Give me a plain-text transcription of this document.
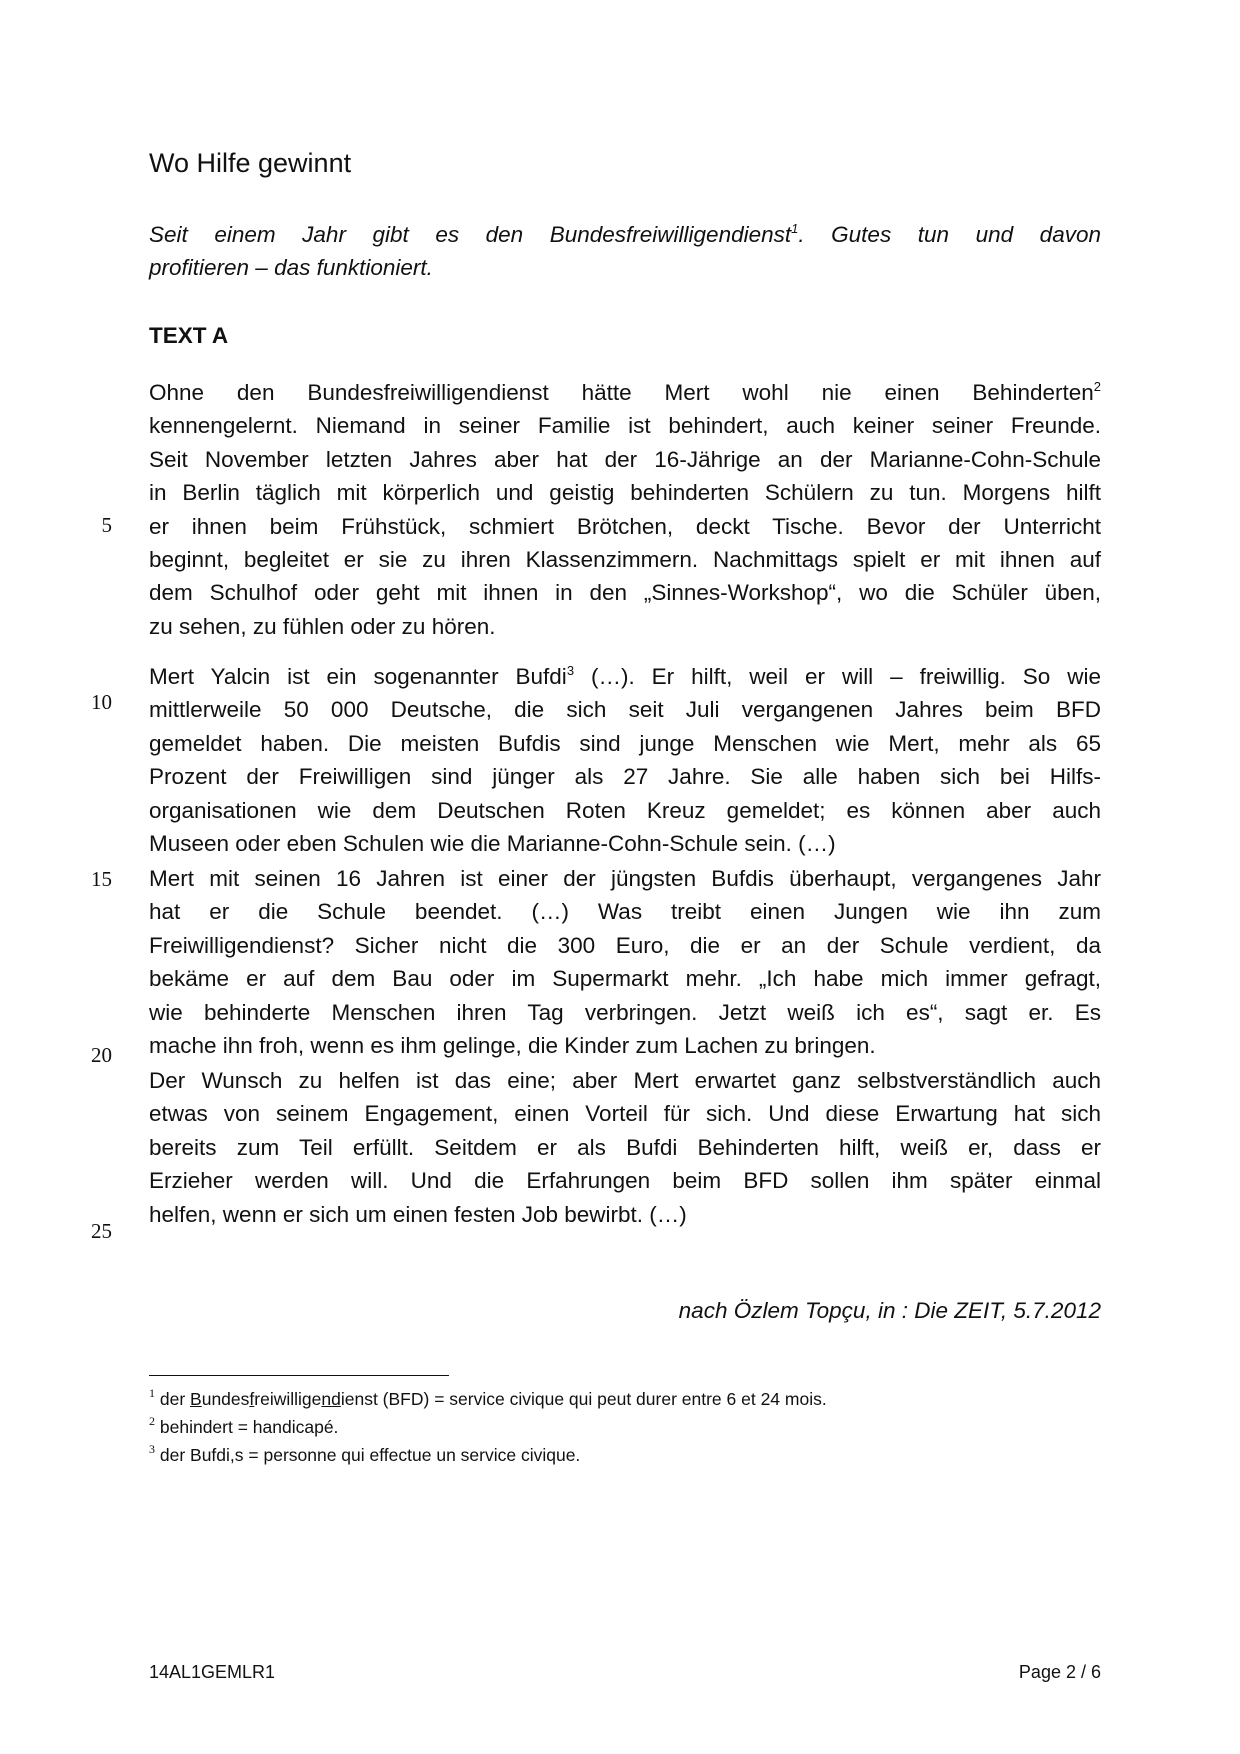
Wo Hilfe gewinnt
Seit einem Jahr gibt es den Bundesfreiwilligendienst$^1$. Gutes tun und davon
profitieren – das funktioniert.
TEXT A
5
10
15
20
25
Ohne den Bundesfreiwilligendienst hätte Mert wohl nie einen Behinderten$^2$
kennengelernt. Niemand in seiner Familie ist behindert, auch keiner seiner Freunde.
Seit November letzten Jahres aber hat der 16-Jährige an der Marianne-Cohn-Schule
in Berlin täglich mit körperlich und geistig behinderten Schülern zu tun. Morgens hilft
er ihnen beim Frühstück, schmiert Brötchen, deckt Tische. Bevor der Unterricht
beginnt, begleitet er sie zu ihren Klassenzimmern. Nachmittags spielt er mit ihnen auf
dem Schulhof oder geht mit ihnen in den „Sinnes-Workshop“, wo die Schüler üben,
zu sehen, zu fühlen oder zu hören.
Mert Yalcin ist ein sogenannter Bufdi$^3$ (…). Er hilft, weil er will – freiwillig. So wie
mittlerweile 50 000 Deutsche, die sich seit Juli vergangenen Jahres beim BFD
gemeldet haben. Die meisten Bufdis sind junge Menschen wie Mert, mehr als 65
Prozent der Freiwilligen sind jünger als 27 Jahre. Sie alle haben sich bei Hilfs-
organisationen wie dem Deutschen Roten Kreuz gemeldet; es können aber auch
Museen oder eben Schulen wie die Marianne-Cohn-Schule sein. (…)
Mert mit seinen 16 Jahren ist einer der jüngsten Bufdis überhaupt, vergangenes Jahr
hat er die Schule beendet. (…) Was treibt einen Jungen wie ihn zum
Freiwilligendienst? Sicher nicht die 300 Euro, die er an der Schule verdient, da
bekäme er auf dem Bau oder im Supermarkt mehr. „Ich habe mich immer gefragt,
wie behinderte Menschen ihren Tag verbringen. Jetzt weiß ich es“, sagt er. Es
mache ihn froh, wenn es ihm gelinge, die Kinder zum Lachen zu bringen.
Der Wunsch zu helfen ist das eine; aber Mert erwartet ganz selbstverständlich auch
etwas von seinem Engagement, einen Vorteil für sich. Und diese Erwartung hat sich
bereits zum Teil erfüllt. Seitdem er als Bufdi Behinderten hilft, weiß er, dass er
Erzieher werden will. Und die Erfahrungen beim BFD sollen ihm später einmal
helfen, wenn er sich um einen festen Job bewirbt. (…)
nach Özlem Topçu, in : Die ZEIT, 5.7.2012
$^1$ der Bundesfreiwilligendienst (BFD) = service civique qui peut durer entre 6 et 24 mois.
$^2$ behindert = handicapé.
$^3$ der Bufdi,s = personne qui effectue un service civique.
14AL1GEMLR1	Page 2 / 6
